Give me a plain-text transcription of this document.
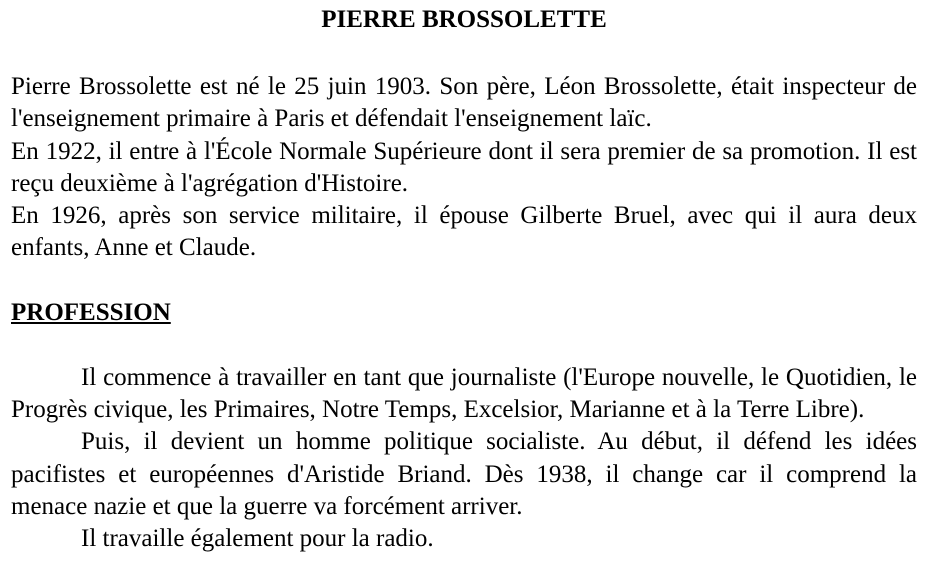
PIERRE BROSSOLETTE

Pierre Brossolette est né le 25 juin 1903. Son père, Léon Brossolette, était inspecteur de l'enseignement primaire à Paris et défendait l'enseignement laïc.

En 1922, il entre à l'École Normale Supérieure dont il sera premier de sa promotion. Il est reçu deuxième à l'agrégation d'Histoire.

En 1926, après son service militaire, il épouse Gilberte Bruel, avec qui il aura deux enfants, Anne et Claude.

PROFESSION

Il commence à travailler en tant que journaliste (l'Europe nouvelle, le Quotidien, le Progrès civique, les Primaires, Notre Temps, Excelsior, Marianne et à la Terre Libre).

Puis, il devient un homme politique socialiste. Au début, il défend les idées pacifistes et européennes d'Aristide Briand. Dès 1938, il change car il comprend la menace nazie et que la guerre va forcément arriver.

Il travaille également pour la radio.
